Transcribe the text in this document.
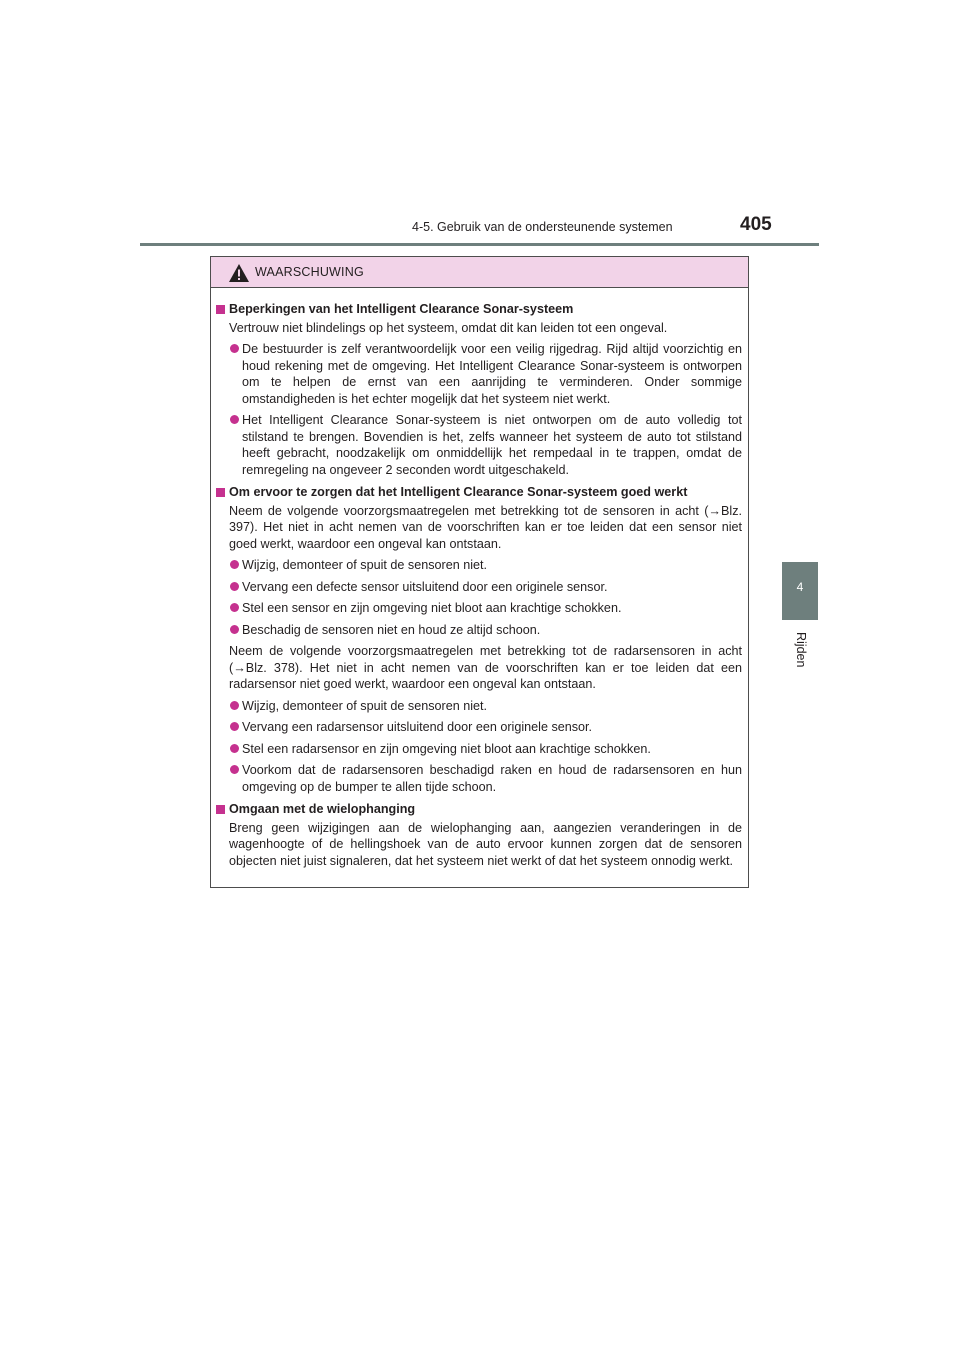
4-5. Gebruik van de ondersteunende systemen	405
4
Rijden
WAARSCHUWING
Beperkingen van het Intelligent Clearance Sonar-systeem
Vertrouw niet blindelings op het systeem, omdat dit kan leiden tot een ongeval.
De bestuurder is zelf verantwoordelijk voor een veilig rijgedrag. Rijd altijd voorzichtig en houd rekening met de omgeving. Het Intelligent Clearance Sonar-systeem is ontworpen om te helpen de ernst van een aanrijding te verminderen. Onder sommige omstandigheden is het echter mogelijk dat het systeem niet werkt.
Het Intelligent Clearance Sonar-systeem is niet ontworpen om de auto volledig tot stilstand te brengen. Bovendien is het, zelfs wanneer het systeem de auto tot stilstand heeft gebracht, noodzakelijk om onmiddellijk het rempedaal in te trappen, omdat de remregeling na ongeveer 2 seconden wordt uitgeschakeld.
Om ervoor te zorgen dat het Intelligent Clearance Sonar-systeem goed werkt
Neem de volgende voorzorgsmaatregelen met betrekking tot de sensoren in acht (→Blz. 397). Het niet in acht nemen van de voorschriften kan er toe leiden dat een sensor niet goed werkt, waardoor een ongeval kan ontstaan.
Wijzig, demonteer of spuit de sensoren niet.
Vervang een defecte sensor uitsluitend door een originele sensor.
Stel een sensor en zijn omgeving niet bloot aan krachtige schokken.
Beschadig de sensoren niet en houd ze altijd schoon.
Neem de volgende voorzorgsmaatregelen met betrekking tot de radarsensoren in acht (→Blz. 378). Het niet in acht nemen van de voorschriften kan er toe leiden dat een radarsensor niet goed werkt, waardoor een ongeval kan ontstaan.
Wijzig, demonteer of spuit de sensoren niet.
Vervang een radarsensor uitsluitend door een originele sensor.
Stel een radarsensor en zijn omgeving niet bloot aan krachtige schokken.
Voorkom dat de radarsensoren beschadigd raken en houd de radarsensoren en hun omgeving op de bumper te allen tijde schoon.
Omgaan met de wielophanging
Breng geen wijzigingen aan de wielophanging aan, aangezien veranderingen in de wagenhoogte of de hellingshoek van de auto ervoor kunnen zorgen dat de sensoren objecten niet juist signaleren, dat het systeem niet werkt of dat het systeem onnodig werkt.
